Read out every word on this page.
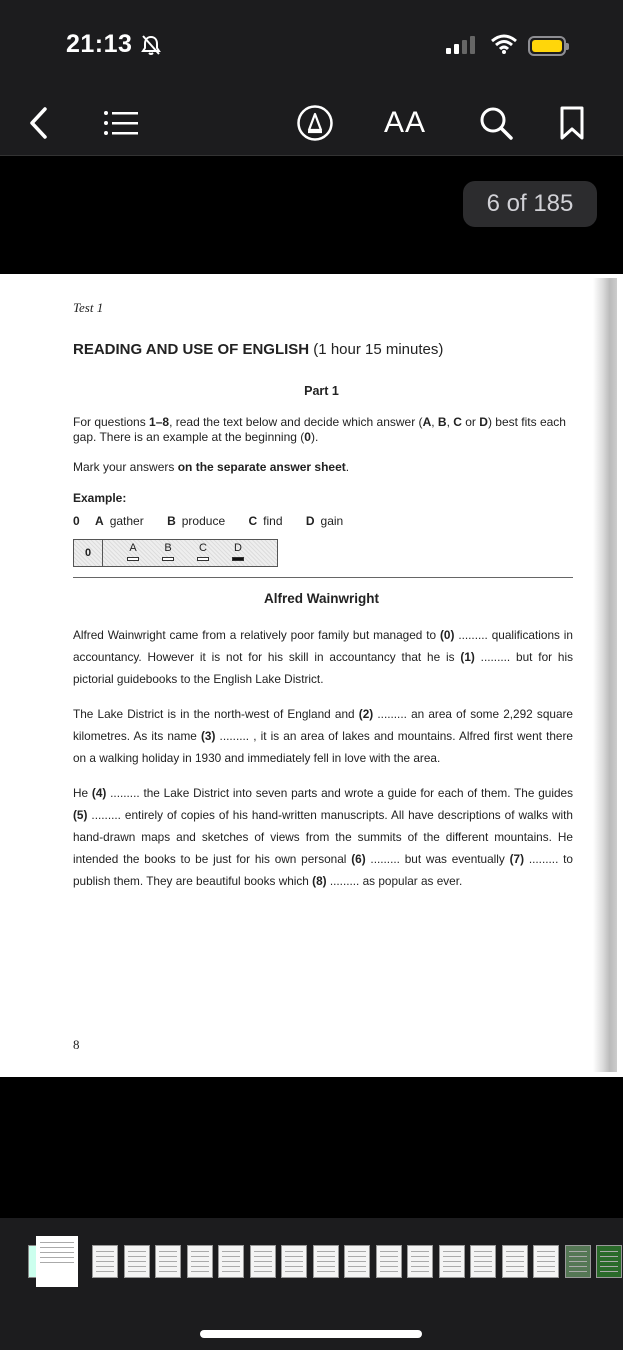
21:13
AA
6 of 185
Test 1
READING AND USE OF ENGLISH (1 hour 15 minutes)
Part 1
For questions 1–8, read the text below and decide which answer (A, B, C or D) best fits each gap. There is an example at the beginning (0).
Mark your answers on the separate answer sheet.
Example:
0 A gather B produce C find D gain
0	A	B	C	D
Alfred Wainwright
Alfred Wainwright came from a relatively poor family but managed to (0) ......... qualifications in accountancy. However it is not for his skill in accountancy that he is (1) ......... but for his pictorial guidebooks to the English Lake District.
The Lake District is in the north-west of England and (2) ......... an area of some 2,292 square kilometres. As its name (3) ......... , it is an area of lakes and mountains. Alfred first went there on a walking holiday in 1930 and immediately fell in love with the area.
He (4) ......... the Lake District into seven parts and wrote a guide for each of them. The guides (5) ......... entirely of copies of his hand-written manuscripts. All have descriptions of walks with hand-drawn maps and sketches of views from the summits of the different mountains. He intended the books to be just for his own personal (6) ......... but was eventually (7) ......... to publish them. They are beautiful books which (8) ......... as popular as ever.
8
